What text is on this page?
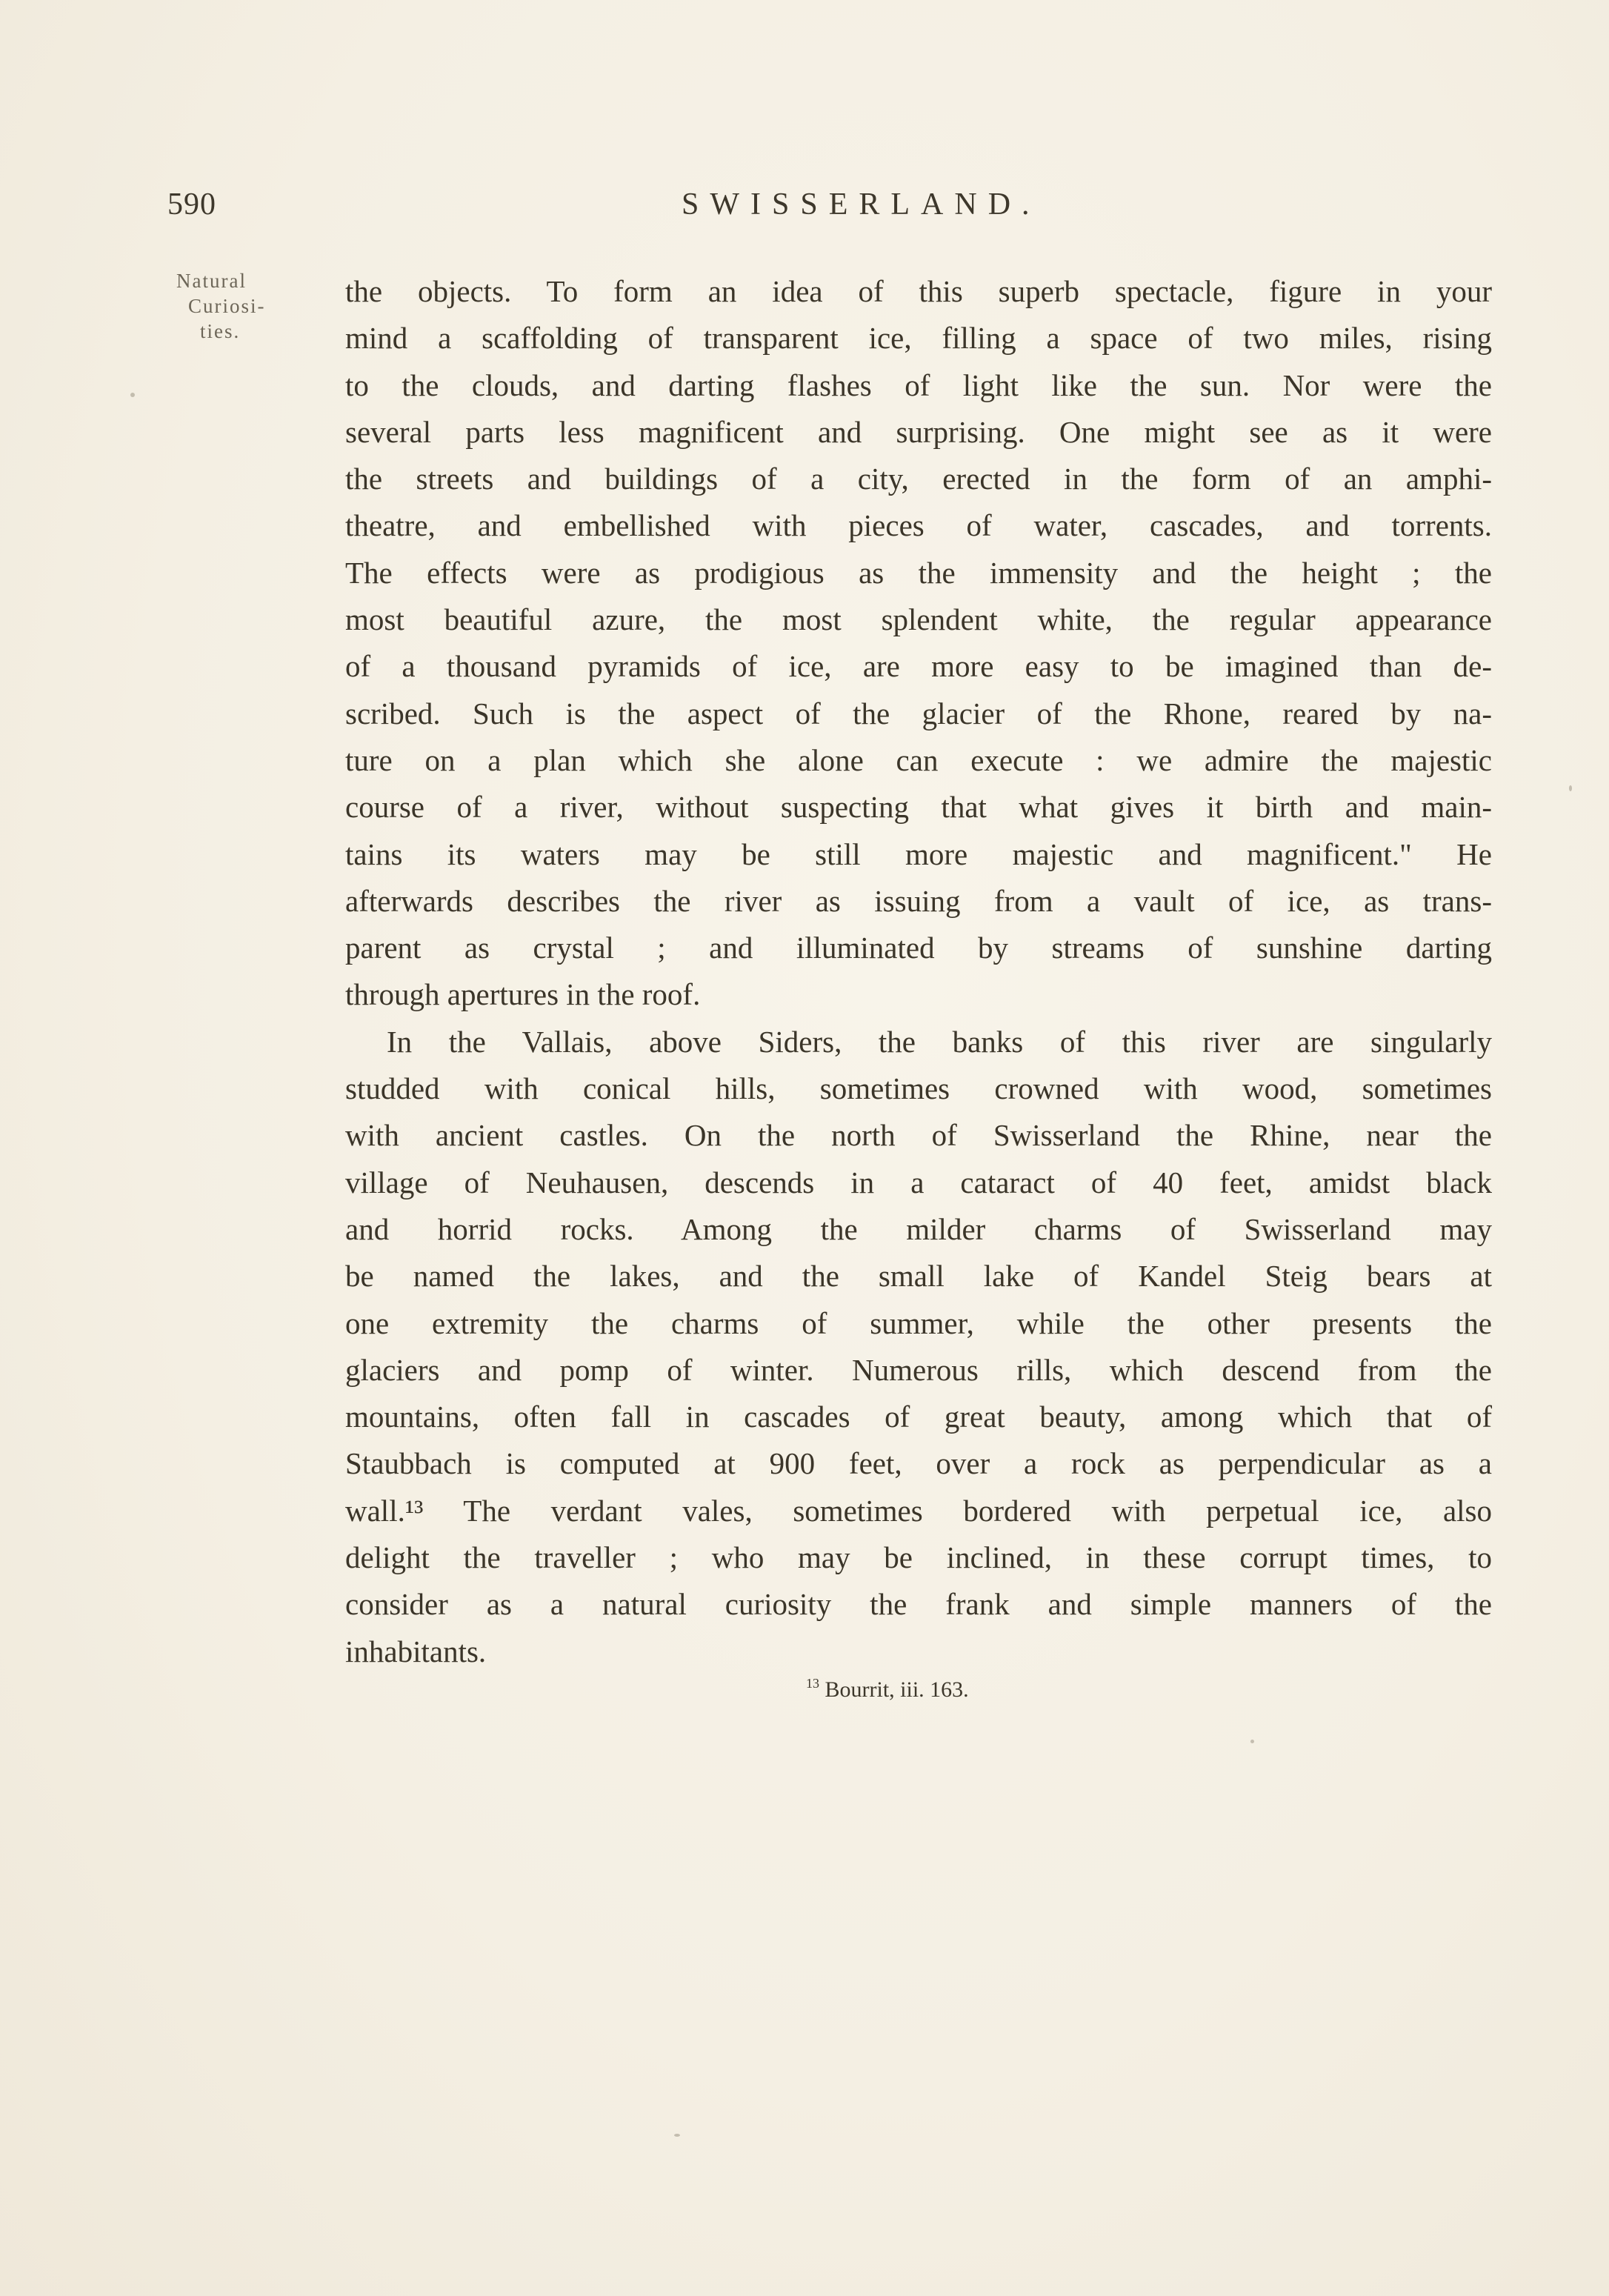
590	SWISSERLAND.
Natural
Curiosi-
ties.
the objects. To form an idea of this superb spectacle, figure in your
mind a scaffolding of transparent ice, filling a space of two miles, rising
to the clouds, and darting flashes of light like the sun. Nor were the
several parts less magnificent and surprising. One might see as it were
the streets and buildings of a city, erected in the form of an amphi-
theatre, and embellished with pieces of water, cascades, and torrents.
The effects were as prodigious as the immensity and the height ; the
most beautiful azure, the most splendent white, the regular appearance
of a thousand pyramids of ice, are more easy to be imagined than de-
scribed. Such is the aspect of the glacier of the Rhone, reared by na-
ture on a plan which she alone can execute : we admire the majestic
course of a river, without suspecting that what gives it birth and main-
tains its waters may be still more majestic and magnificent." He
afterwards describes the river as issuing from a vault of ice, as trans-
parent as crystal ; and illuminated by streams of sunshine darting
through apertures in the roof.
In the Vallais, above Siders, the banks of this river are singularly
studded with conical hills, sometimes crowned with wood, sometimes
with ancient castles. On the north of Swisserland the Rhine, near the
village of Neuhausen, descends in a cataract of 40 feet, amidst black
and horrid rocks. Among the milder charms of Swisserland may
be named the lakes, and the small lake of Kandel Steig bears at
one extremity the charms of summer, while the other presents the
glaciers and pomp of winter. Numerous rills, which descend from the
mountains, often fall in cascades of great beauty, among which that of
Staubbach is computed at 900 feet, over a rock as perpendicular as a
wall.¹³ The verdant vales, sometimes bordered with perpetual ice, also
delight the traveller ; who may be inclined, in these corrupt times, to
consider as a natural curiosity the frank and simple manners of the
inhabitants.
$^{13}$ Bourrit, iii. 163.
